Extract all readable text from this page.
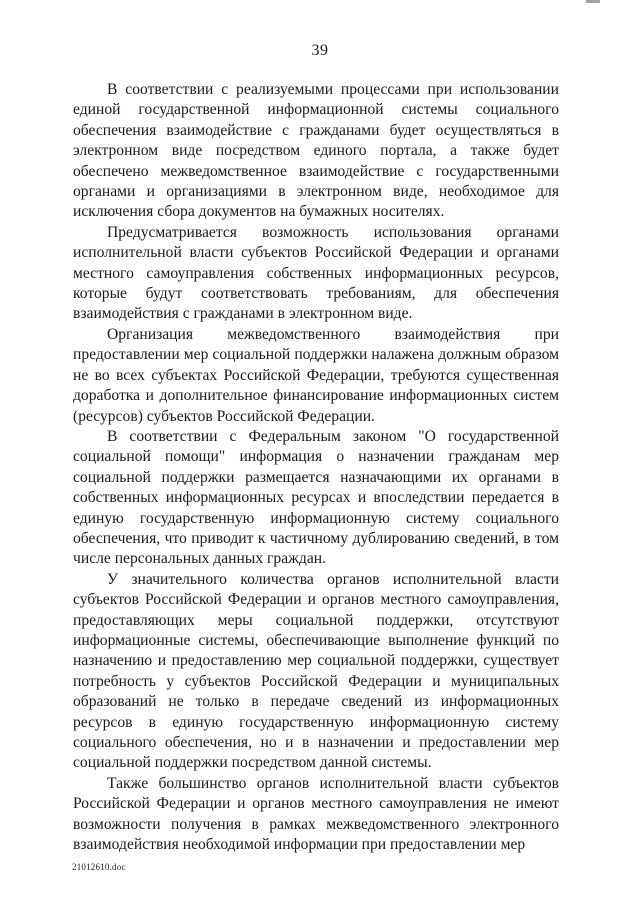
39

В соответствии с реализуемыми процессами при использовании единой государственной информационной системы социального обеспечения взаимодействие с гражданами будет осуществляться в электронном виде посредством единого портала, а также будет обеспечено межведомственное взаимодействие с государственными органами и организациями в электронном виде, необходимое для исключения сбора документов на бумажных носителях.

Предусматривается возможность использования органами исполнительной власти субъектов Российской Федерации и органами местного самоуправления собственных информационных ресурсов, которые будут соответствовать требованиям, для обеспечения взаимодействия с гражданами в электронном виде.

Организация межведомственного взаимодействия при предоставлении мер социальной поддержки налажена должным образом не во всех субъектах Российской Федерации, требуются существенная доработка и дополнительное финансирование информационных систем (ресурсов) субъектов Российской Федерации.

В соответствии с Федеральным законом "О государственной социальной помощи" информация о назначении гражданам мер социальной поддержки размещается назначающими их органами в собственных информационных ресурсах и впоследствии передается в единую государственную информационную систему социального обеспечения, что приводит к частичному дублированию сведений, в том числе персональных данных граждан.

У значительного количества органов исполнительной власти субъектов Российской Федерации и органов местного самоуправления, предоставляющих меры социальной поддержки, отсутствуют информационные системы, обеспечивающие выполнение функций по назначению и предоставлению мер социальной поддержки, существует потребность у субъектов Российской Федерации и муниципальных образований не только в передаче сведений из информационных ресурсов в единую государственную информационную систему социального обеспечения, но и в назначении и предоставлении мер социальной поддержки посредством данной системы.

Также большинство органов исполнительной власти субъектов Российской Федерации и органов местного самоуправления не имеют возможности получения в рамках межведомственного электронного взаимодействия необходимой информации при предоставлении мер

21012610.doc
